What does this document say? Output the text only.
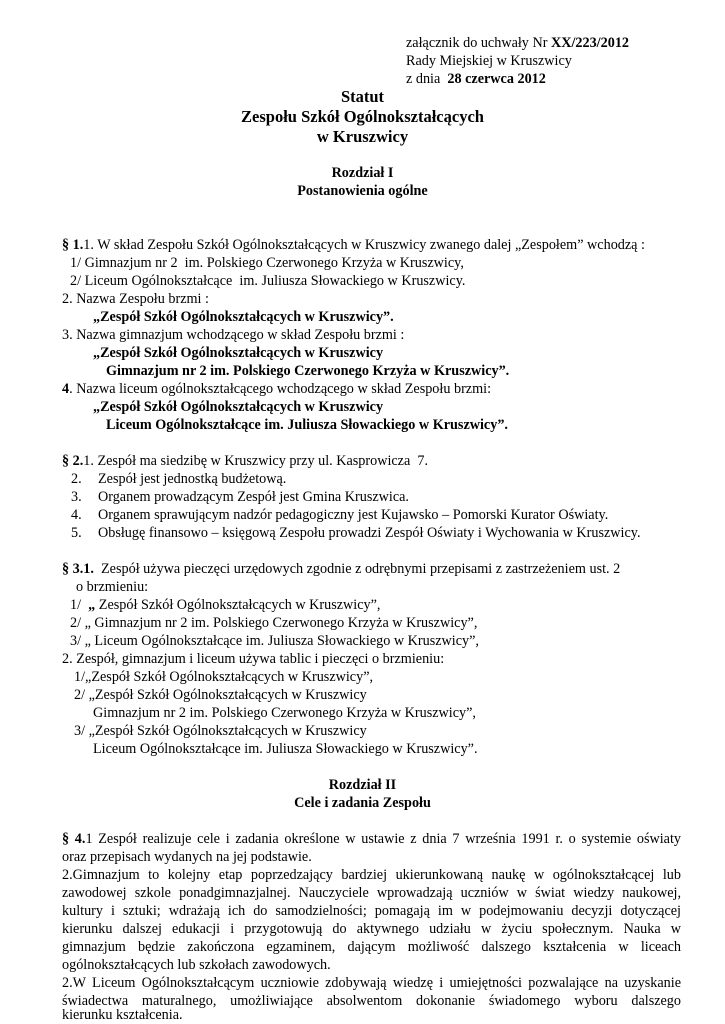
załącznik do uchwały Nr XX/223/2012
Rady Miejskiej w Kruszwicy
z dnia  28 czerwca 2012
Statut
Zespołu Szkół Ogólnokształcących
w Kruszwicy
Rozdział I
Postanowienia ogólne
§ 1.1. W skład Zespołu Szkół Ogólnokształcących w Kruszwicy zwanego dalej „Zespołem” wchodzą :
1/ Gimnazjum nr 2  im. Polskiego Czerwonego Krzyża w Kruszwicy,
2/ Liceum Ogólnokształcące  im. Juliusza Słowackiego w Kruszwicy.
2. Nazwa Zespołu brzmi :
„Zespół Szkół Ogólnokształcących w Kruszwicy”.
3. Nazwa gimnazjum wchodzącego w skład Zespołu brzmi :
„Zespół Szkół Ogólnokształcących w Kruszwicy
Gimnazjum nr 2 im. Polskiego Czerwonego Krzyża w Kruszwicy”.
4. Nazwa liceum ogólnokształcącego wchodzącego w skład Zespołu brzmi:
„Zespół Szkół Ogólnokształcących w Kruszwicy
Liceum Ogólnokształcące im. Juliusza Słowackiego w Kruszwicy”.
§ 2.1. Zespół ma siedzibę w Kruszwicy przy ul. Kasprowicza  7.
2. Zespół jest jednostką budżetową.
3. Organem prowadzącym Zespół jest Gmina Kruszwica.
4. Organem sprawującym nadzór pedagogiczny jest Kujawsko – Pomorski Kurator Oświaty.
5. Obsługę finansowo – księgową Zespołu prowadzi Zespół Oświaty i Wychowania w Kruszwicy.
§ 3.1.  Zespół używa pieczęci urzędowych zgodnie z odrębnymi przepisami z zastrzeżeniem ust. 2
o brzmieniu:
1/  „ Zespół Szkół Ogólnokształcących w Kruszwicy”,
2/ „ Gimnazjum nr 2 im. Polskiego Czerwonego Krzyża w Kruszwicy”,
3/ „ Liceum Ogólnokształcące im. Juliusza Słowackiego w Kruszwicy”,
2. Zespół, gimnazjum i liceum używa tablic i pieczęci o brzmieniu:
1/„Zespół Szkół Ogólnokształcących w Kruszwicy”,
2/ „Zespół Szkół Ogólnokształcących w Kruszwicy
Gimnazjum nr 2 im. Polskiego Czerwonego Krzyża w Kruszwicy”,
3/ „Zespół Szkół Ogólnokształcących w Kruszwicy
Liceum Ogólnokształcące im. Juliusza Słowackiego w Kruszwicy”.
Rozdział II
Cele i zadania Zespołu
§ 4.1 Zespół realizuje cele i zadania określone w ustawie z dnia 7 września 1991 r. o systemie oświaty
oraz przepisach wydanych na jej podstawie.
2.Gimnazjum to kolejny etap poprzedzający bardziej ukierunkowaną naukę w ogólnokształcącej lub
zawodowej szkole ponadgimnazjalnej. Nauczyciele wprowadzają uczniów w świat wiedzy naukowej,
kultury i sztuki; wdrażają ich do samodzielności; pomagają im w podejmowaniu decyzji dotyczącej
kierunku dalszej edukacji i przygotowują do aktywnego udziału w życiu społecznym. Nauka w
gimnazjum będzie zakończona egzaminem, dającym możliwość dalszego kształcenia w liceach
ogólnokształcących lub szkołach zawodowych.
2.W Liceum Ogólnokształcącym uczniowie zdobywają wiedzę i umiejętności pozwalające na uzyskanie
świadectwa maturalnego, umożliwiające absolwentom dokonanie świadomego wyboru dalszego
kierunku kształcenia.
